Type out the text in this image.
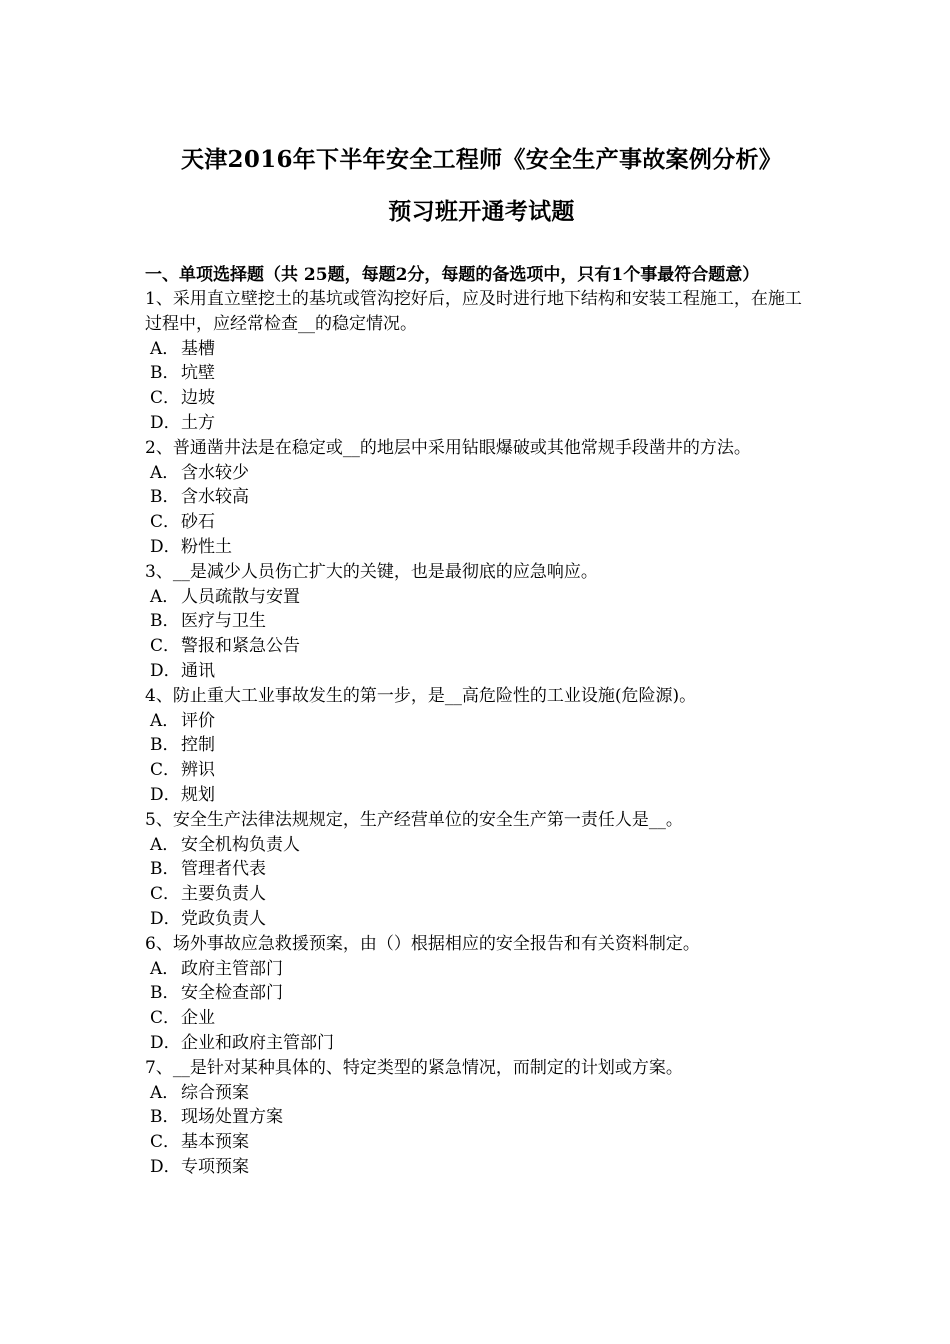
天津2016年下半年安全工程师《安全生产事故案例分析》
预习班开通考试题

一、单项选择题（共 25题，每题2分，每题的备选项中，只有1个事最符合题意）

1、采用直立壁挖土的基坑或管沟挖好后，应及时进行地下结构和安装工程施工，在施工过程中，应经常检查__的稳定情况。

A． 基槽
B．坑壁
C．边坡
D．土方

2、普通凿井法是在稳定或__的地层中采用钻眼爆破或其他常规手段凿井的方法。

A． 含水较少
B．含水较高
C．砂石
D．粉性土

3、__是减少人员伤亡扩大的关键，也是最彻底的应急响应。

A． 人员疏散与安置
B．医疗与卫生
C．警报和紧急公告
D．通讯

4、防止重大工业事故发生的第一步，是__高危险性的工业设施(危险源)。

A． 评价
B．控制
C．辨识
D．规划

5、安全生产法律法规规定，生产经营单位的安全生产第一责任人是__。

A． 安全机构负责人
B．管理者代表
C．主要负责人
D．党政负责人

6、场外事故应急救援预案，由（）根据相应的安全报告和有关资料制定。

A． 政府主管部门
B．安全检查部门
C．企业
D．企业和政府主管部门

7、__是针对某种具体的、特定类型的紧急情况，而制定的计划或方案。

A． 综合预案
B．现场处置方案
C．基本预案
D．专项预案
